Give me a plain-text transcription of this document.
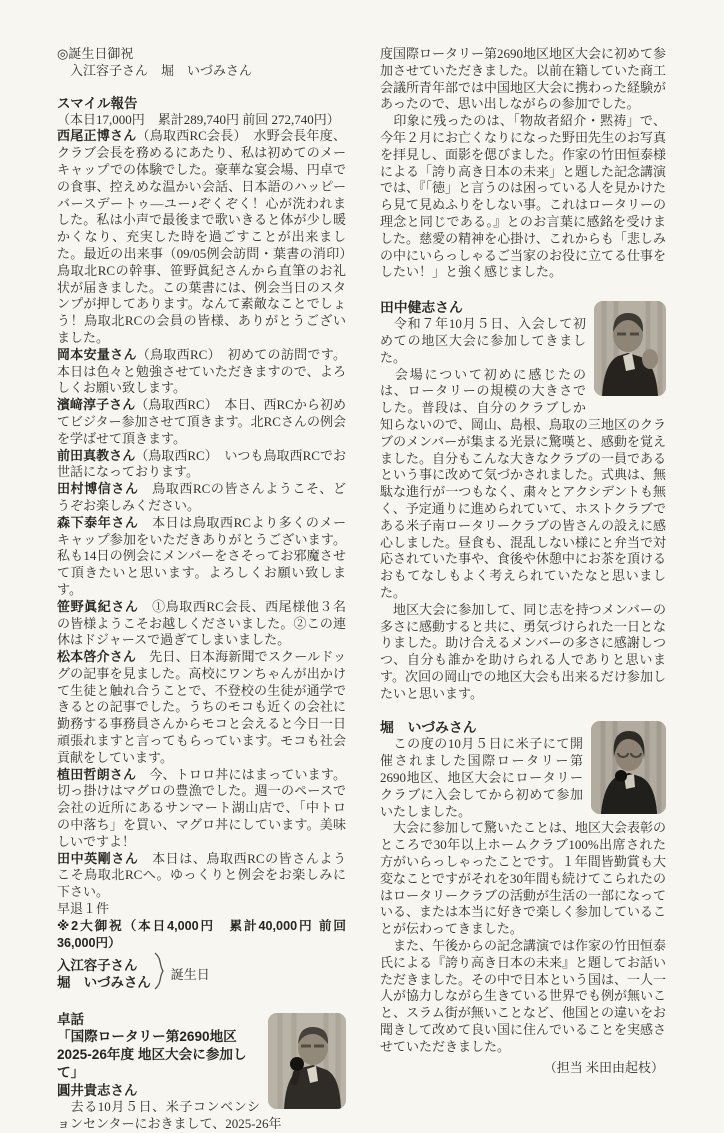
◎誕生日御祝

入江容子さん　堀　いづみさん

スマイル報告

（本日17,000円　累計289,740円 前回 272,740円）

西尾正博さん（鳥取西RC会長）　水野会長年度、クラブ会長を務めるにあたり、私は初めてのメーキャップでの体験でした。豪華な宴会場、円卓での食事、控えめな温かい会話、日本語のハッピーバースデートゥ―ユー♪ぞくぞく！心が洗われました。私は小声で最後まで歌いきると体が少し暖かくなり、充実した時を過ごすことが出来ました。最近の出来事（09/05例会訪問・葉書の消印）鳥取北RCの幹事、笹野眞紀さんから直筆のお礼状が届きました。この葉書には、例会当日のスタンプが押してあります。なんて素敵なことでしょう！鳥取北RCの会員の皆様、ありがとうございました。

岡本安量さん（鳥取西RC）　初めての訪問です。本日は色々と勉強させていただきますので、よろしくお願い致します。

濱﨑淳子さん（鳥取西RC）　本日、西RCから初めてビジター参加させて頂きます。北RCさんの例会を学ばせて頂きます。

前田真教さん（鳥取西RC）　いつも鳥取西RCでお世話になっております。

田村博信さん　鳥取西RCの皆さんようこそ、どうぞお楽しみください。

森下泰年さん　本日は鳥取西RCより多くのメーキャップ参加をいただきありがとうございます。私も14日の例会にメンバーをさそってお邪魔させて頂きたいと思います。よろしくお願い致します。

笹野眞紀さん　①鳥取西RC会長、西尾様他３名の皆様ようこそお越しくださいました。②この連休はドジャースで過ぎてしまいました。

松本啓介さん　先日、日本海新聞でスクールドッグの記事を見ました。高校にワンちゃんが出かけて生徒と触れ合うことで、不登校の生徒が通学できるとの記事でした。うちのモコも近くの会社に勤務する事務員さんからモコと会えると今日一日頑張れますと言ってもらっています。モコも社会貢献をしています。

植田哲朗さん　今、トロロ丼にはまっています。切っ掛けはマグロの豊漁でした。週一のペースで会社の近所にあるサンマート湖山店で、「中トロの中落ち」を買い、マグロ丼にしています。美味しいですよ！

田中英剛さん　本日は、鳥取西RCの皆さんようこそ鳥取北RCへ。ゆっくりと例会をお楽しみに下さい。

早退１件

※2大御祝（本日4,000円　累計40,000円 前回36,000円）

入江容子さん
堀　いづみさん 誕生日

卓話

「国際ロータリー第2690地区 2025-26年度 地区大会に参加して」

圓井貴志さん

　去る10月５日、米子コンベンションセンターにおきまして、2025-26年

度国際ロータリー第2690地区地区大会に初めて参加させていただきました。以前在籍していた商工会議所青年部では中国地区大会に携わった経験があったので、思い出しながらの参加でした。

　印象に残ったのは、「物故者紹介・黙祷」で、今年２月にお亡くなりになった野田先生のお写真を拝見し、面影を偲びました。作家の竹田恒泰様による「誇り高き日本の未来」と題した記念講演では、『「徳」と言うのは困っている人を見かけたら見て見ぬふりをしない事。これはロータリーの理念と同じである。』とのお言葉に感銘を受けました。慈愛の精神を心掛け、これからも「悲しみの中にいらっしゃるご当家のお役に立てる仕事をしたい！」と強く感じました。

田中健志さん

　令和７年10月５日、入会して初めての地区大会に参加してきました。

　会場について初めに感じたのは、ロータリーの規模の大きさでした。普段は、自分のクラブしか知らないので、岡山、島根、鳥取の三地区のクラブのメンバーが集まる光景に驚嘆と、感動を覚えました。自分もこんな大きなクラブの一員であるという事に改めて気づかされました。式典は、無駄な進行が一つもなく、粛々とアクシデントも無く、予定通りに進められていて、ホストクラブである米子南ロータリークラブの皆さんの設えに感心しました。昼食も、混乱しない様にと弁当で対応されていた事や、食後や休憩中にお茶を頂けるおもてなしもよく考えられていたなと思いました。

　地区大会に参加して、同じ志を持つメンバーの多さに感動すると共に、勇気づけられた一日となりました。助け合えるメンバーの多さに感謝しつつ、自分も誰かを助けられる人でありと思います。次回の岡山での地区大会も出来るだけ参加したいと思います。

堀　いづみさん

　この度の10月５日に米子にて開催されました国際ロータリー第2690地区、地区大会にロータリークラブに入会してから初めて参加いたしました。

　大会に参加して驚いたことは、地区大会表彰のところで30年以上ホームクラブ100%出席された方がいらっしゃったことです。１年間皆勤賞も大変なことですがそれを30年間も続けてこられたのはロータリークラブの活動が生活の一部になっている、または本当に好きで楽しく参加していることが伝わってきました。

　また、午後からの記念講演では作家の竹田恒泰氏による『誇り高き日本の未来』と題してお話いただきました。その中で日本という国は、一人一人が協力しながら生きている世界でも例が無いこと、スラム街が無いことなど、他国との違いをお聞きして改めて良い国に住んでいることを実感させていただきました。

（担当 米田由起枝）
